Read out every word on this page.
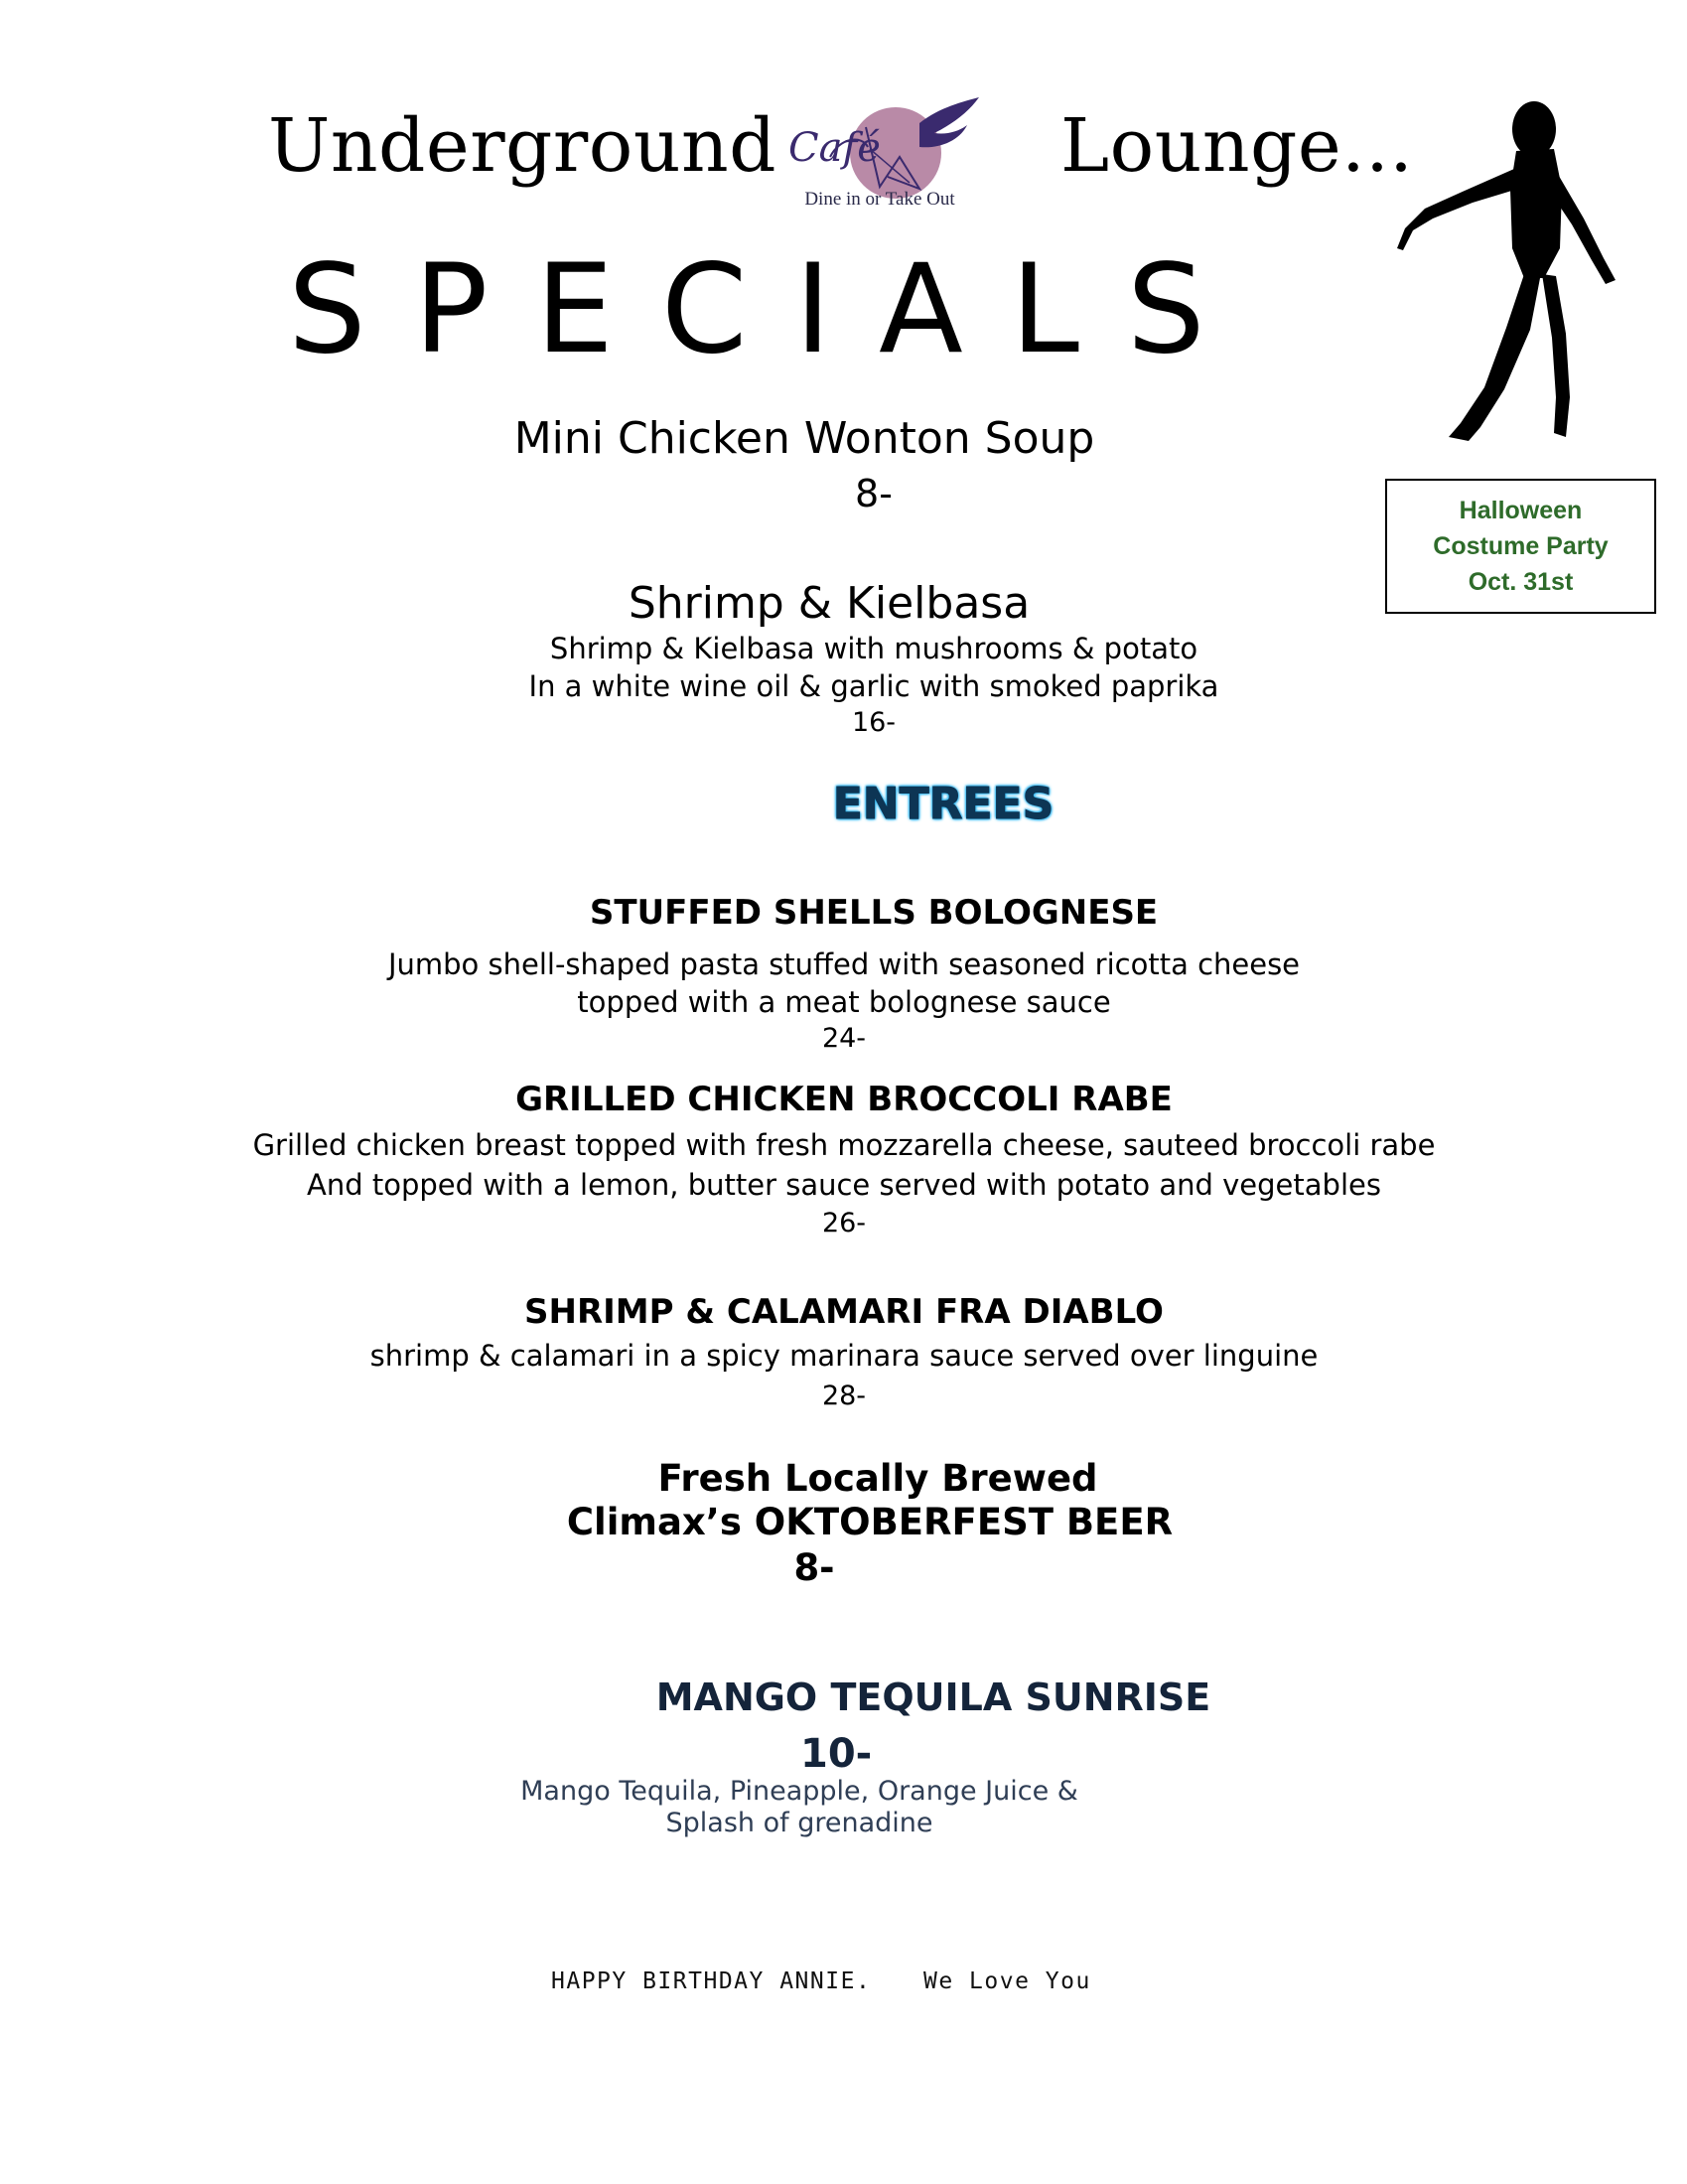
Underground	Lounge...
Café
Dine in or Take Out
SPECIALS
Halloween
Costume Party
Oct. 31st
Mini Chicken Wonton Soup
8-
Shrimp & Kielbasa
Shrimp & Kielbasa with mushrooms & potato
In a white wine oil & garlic with smoked paprika
16-
ENTREES
STUFFED SHELLS BOLOGNESE
Jumbo shell-shaped pasta stuffed with seasoned ricotta cheese
topped with a meat bolognese sauce
24-
GRILLED CHICKEN BROCCOLI RABE
Grilled chicken breast topped with fresh mozzarella cheese, sauteed broccoli rabe
And topped with a lemon, butter sauce served with potato and vegetables
26-
SHRIMP & CALAMARI FRA DIABLO
shrimp & calamari in a spicy marinara sauce served over linguine
28-
Fresh Locally Brewed
Climax’s OKTOBERFEST BEER
8-
MANGO TEQUILA SUNRISE
10-
Mango Tequila, Pineapple, Orange Juice &
Splash of grenadine
HAPPY BIRTHDAY ANNIE. We Love You
